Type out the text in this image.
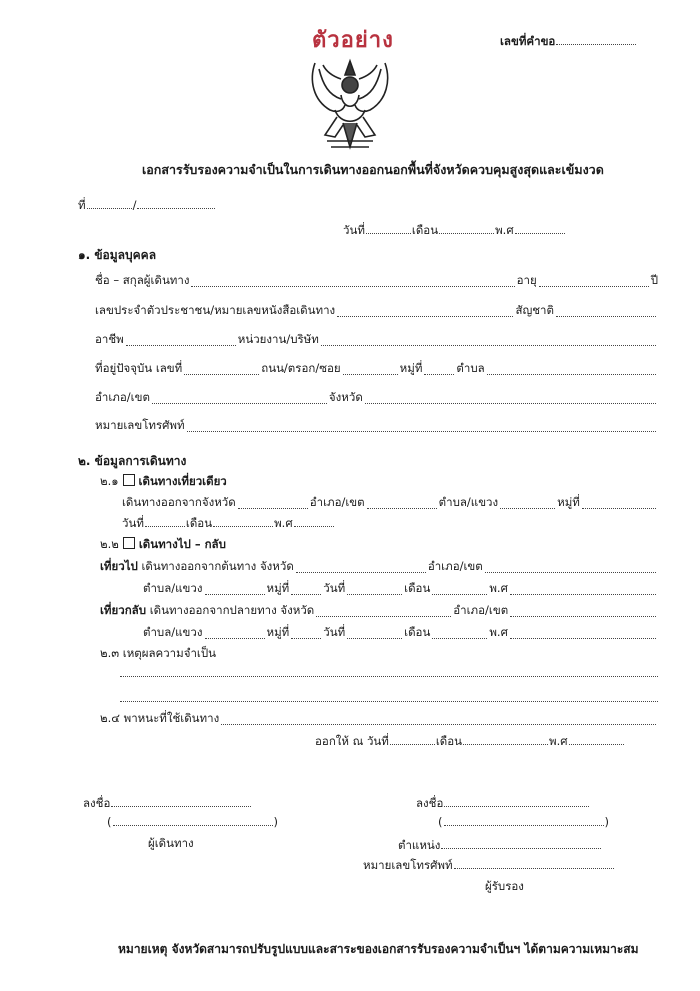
ตัวอย่าง	เลขที่คำขอ
เอกสารรับรองความจำเป็นในการเดินทางออกนอกพื้นที่จังหวัดควบคุมสูงสุดและเข้มงวด
ที่	/
วันที่	เดือน	พ.ศ
๑. ข้อมูลบุคคล
ชื่อ – สกุลผู้เดินทาง	อายุ	ปี
เลขประจำตัวประชาชน/หมายเลขหนังสือเดินทาง	สัญชาติ
อาชีพ	หน่วยงาน/บริษัท
ที่อยู่ปัจจุบัน เลขที่	ถนน/ตรอก/ซอย	หมู่ที่	ตำบล
อำเภอ/เขต	จังหวัด
หมายเลขโทรศัพท์
๒. ข้อมูลการเดินทาง
๒.๑ เดินทางเที่ยวเดียว
เดินทางออกจากจังหวัด	อำเภอ/เขต	ตำบล/แขวง	หมู่ที่
วันที่	เดือน	พ.ศ
๒.๒ เดินทางไป – กลับ
เที่ยวไป
เดินทางออกจากต้นทาง จังหวัด	อำเภอ/เขต
ตำบล/แขวง	หมู่ที่	วันที่	เดือน	พ.ศ
เที่ยวกลับ
เดินทางออกจากปลายทาง จังหวัด	อำเภอ/เขต
ตำบล/แขวง	หมู่ที่	วันที่	เดือน	พ.ศ
๒.๓ เหตุผลความจำเป็น
๒.๔
พาหนะที่ใช้เดินทาง
ออกให้ ณ วันที่	เดือน	พ.ศ
ลงชื่อ
(	)
ผู้เดินทาง
ลงชื่อ
(	)
ตำแหน่ง
หมายเลขโทรศัพท์
ผู้รับรอง
หมายเหตุ จังหวัดสามารถปรับรูปแบบและสาระของเอกสารรับรองความจำเป็นฯ ได้ตามความเหมาะสม
